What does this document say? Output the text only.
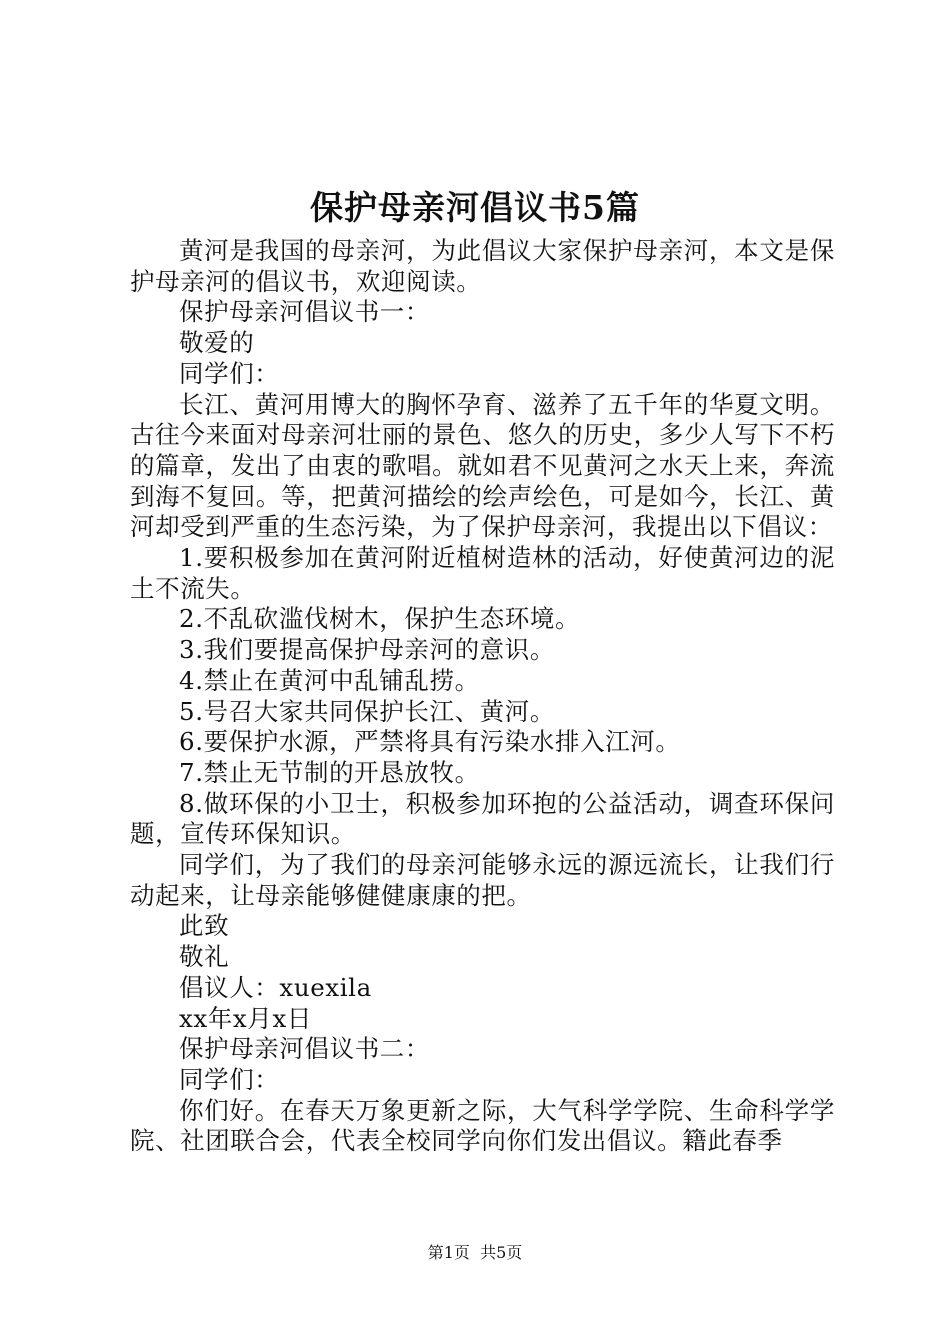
保护母亲河倡议书5篇

黄河是我国的母亲河，为此倡议大家保护母亲河，本文是保护母亲河的倡议书，欢迎阅读。

保护母亲河倡议书一：

敬爱的

同学们：

长江、黄河用博大的胸怀孕育、滋养了五千年的华夏文明。古往今来面对母亲河壮丽的景色、悠久的历史，多少人写下不朽的篇章，发出了由衷的歌唱。就如君不见黄河之水天上来，奔流到海不复回。等，把黄河描绘的绘声绘色，可是如今，长江、黄河却受到严重的生态污染，为了保护母亲河，我提出以下倡议：

1.要积极参加在黄河附近植树造林的活动，好使黄河边的泥土不流失。

2.不乱砍滥伐树木，保护生态环境。

3.我们要提高保护母亲河的意识。

4.禁止在黄河中乱铺乱捞。

5.号召大家共同保护长江、黄河。

6.要保护水源，严禁将具有污染水排入江河。

7.禁止无节制的开恳放牧。

8.做环保的小卫士，积极参加环抱的公益活动，调查环保问题，宣传环保知识。

同学们，为了我们的母亲河能够永远的源远流长，让我们行动起来，让母亲能够健健康康的把。

此致

敬礼

倡议人：xuexila

xx年x月x日

保护母亲河倡议书二：

同学们：

你们好。在春天万象更新之际，大气科学学院、生命科学学院、社团联合会，代表全校同学向你们发出倡议。籍此春季

第1页  共5页
